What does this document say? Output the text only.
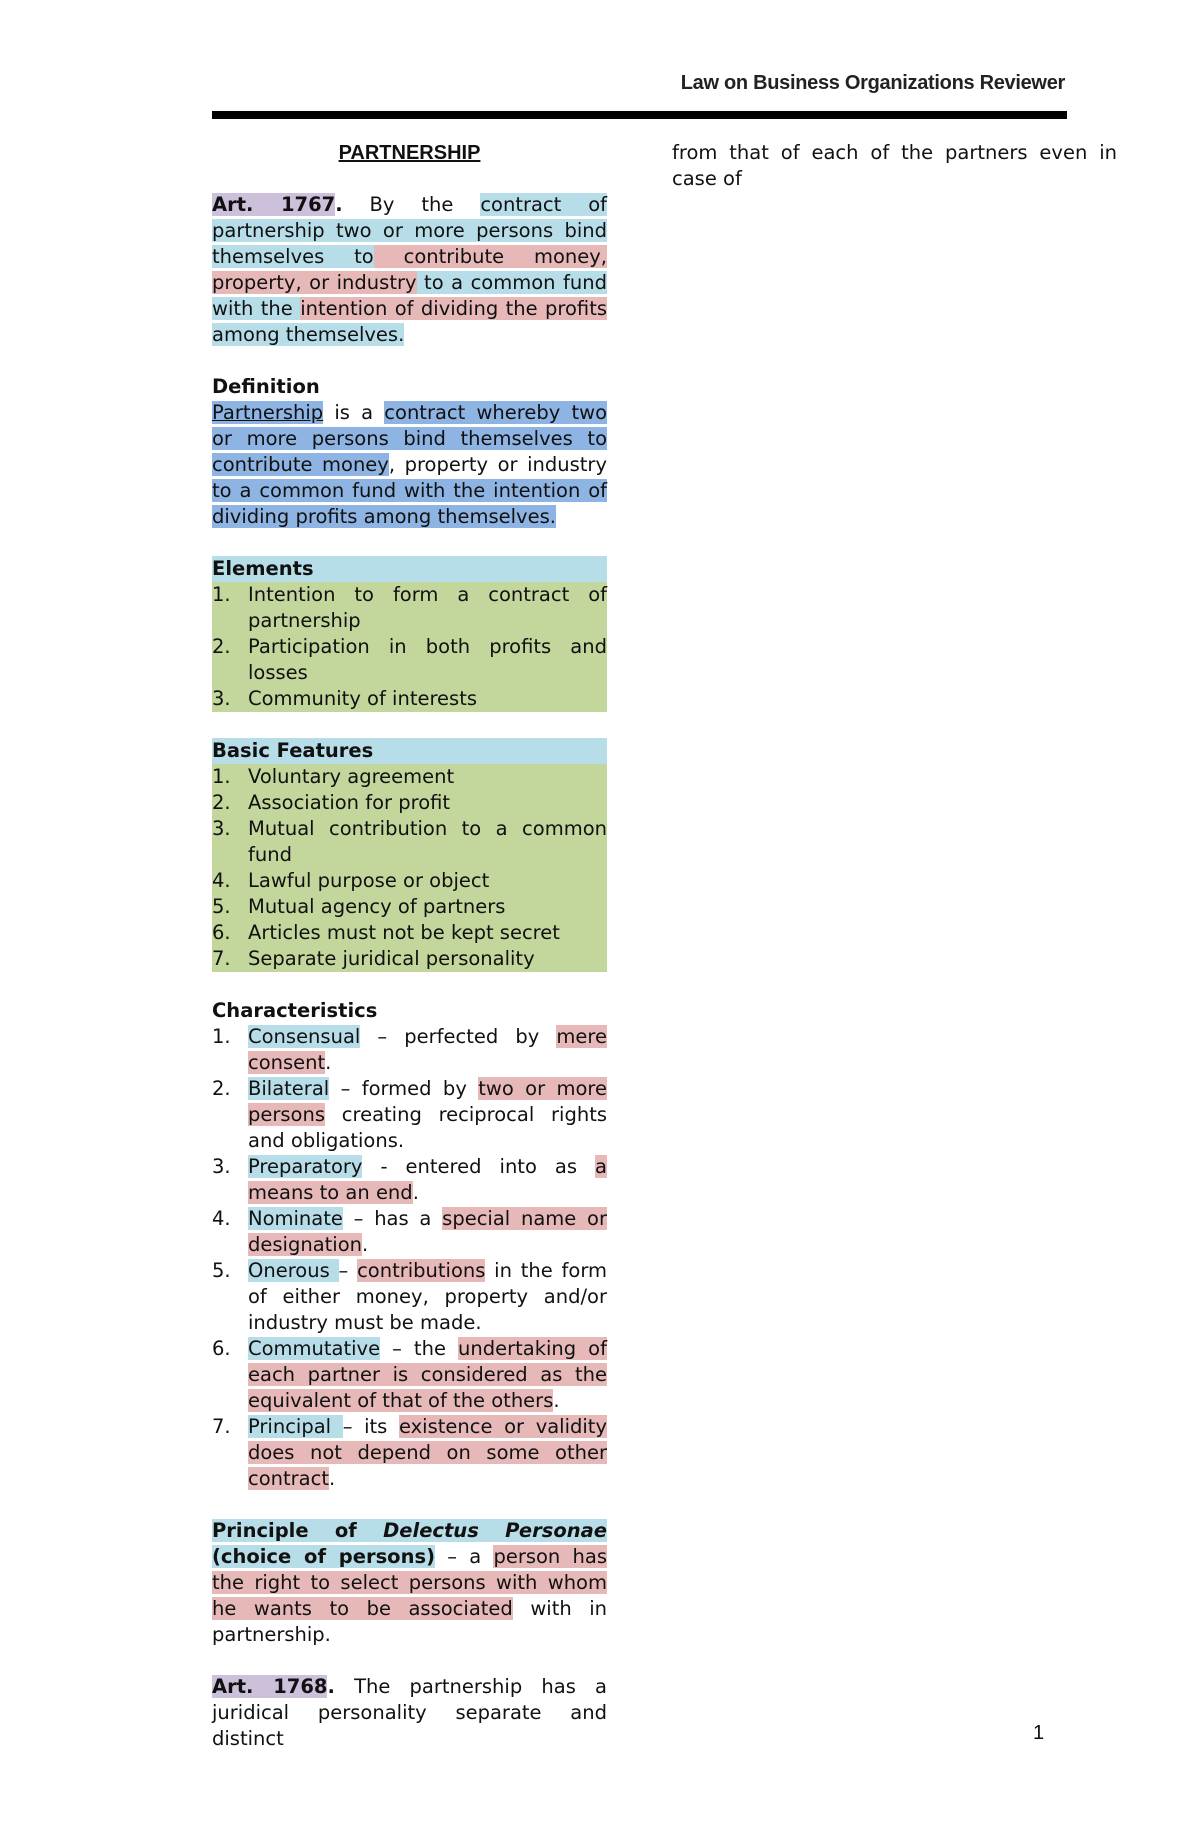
Law on Business Organizations Reviewer
PARTNERSHIP

Art. 1767. By the contract of partnership two or more persons bind themselves to contribute money, property, or industry to a common fund with the intention of dividing the profits among themselves.

Definition
Partnership is a contract whereby two or more persons bind themselves to contribute money, property or industry to a common fund with the intention of dividing profits among themselves.
Elements
1. Intention to form a contract of partnership
2. Participation in both profits and losses
3. Community of interests
Basic Features
1. Voluntary agreement
2. Association for profit
3. Mutual contribution to a common fund
4. Lawful purpose or object
5. Mutual agency of partners
6. Articles must not be kept secret
7. Separate juridical personality
Characteristics
1. Consensual – perfected by mere consent.
2. Bilateral – formed by two or more persons creating reciprocal rights and obligations.
3. Preparatory - entered into as a means to an end.
4. Nominate – has a special name or designation.
5. Onerous – contributions in the form of either money, property and/or industry must be made.
6. Commutative – the undertaking of each partner is considered as the equivalent of that of the others.
7. Principal – its existence or validity does not depend on some other contract.

Principle of Delectus Personae (choice of persons) – a person has the right to select persons with whom he wants to be associated with in partnership.

Art. 1768. The partnership has a juridical personality separate and distinct

from that of each of the partners even in case of
1
